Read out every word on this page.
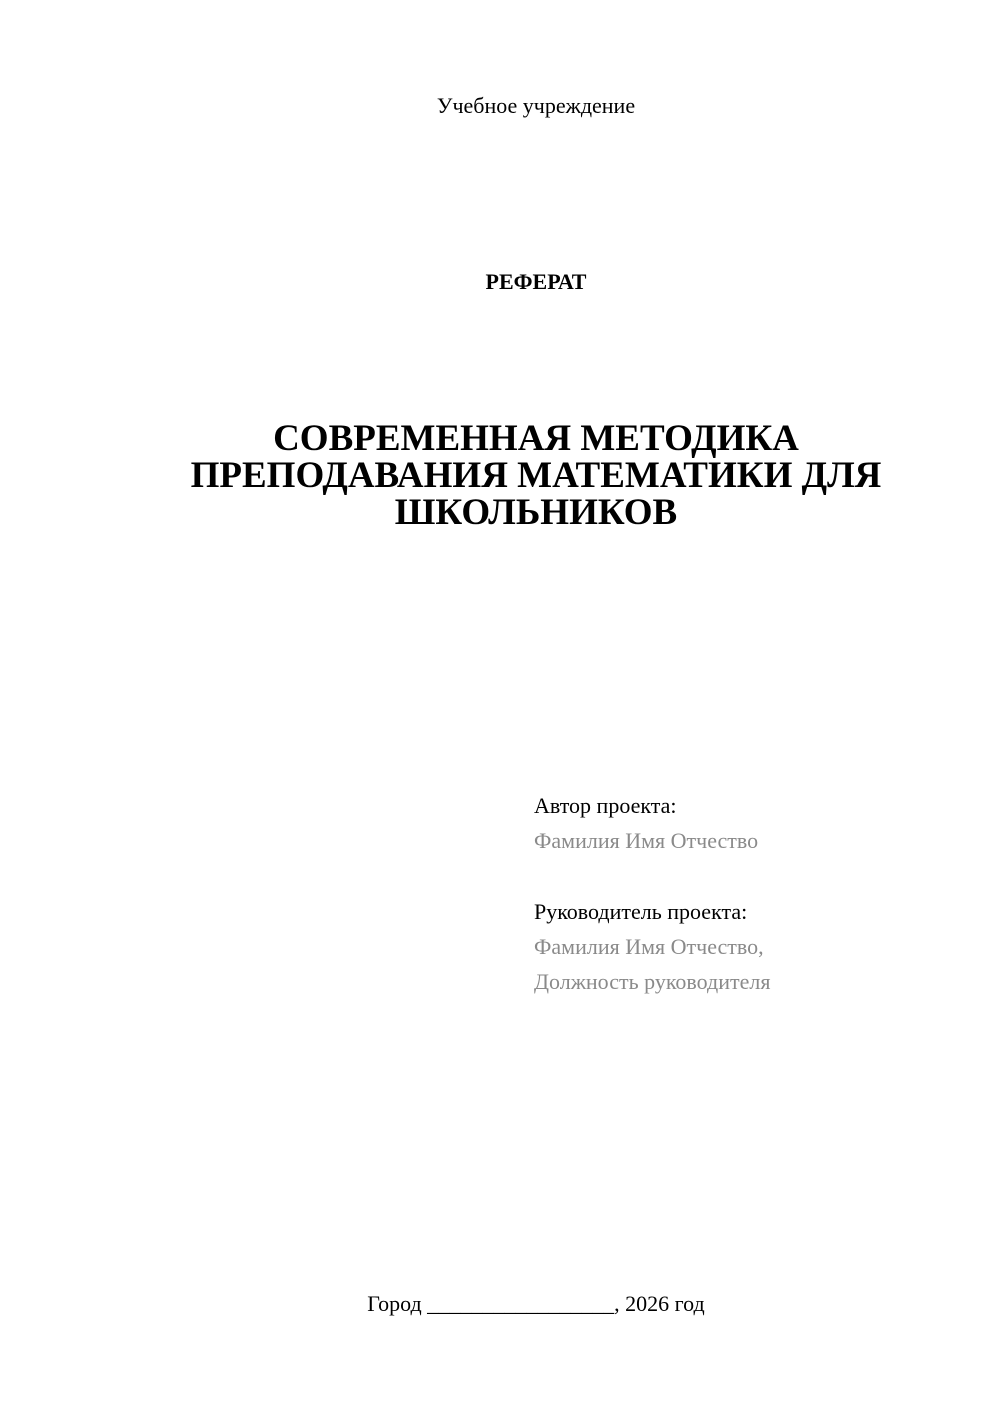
Учебное учреждение
РЕФЕРАТ
СОВРЕМЕННАЯ МЕТОДИКА
ПРЕПОДАВАНИЯ МАТЕМАТИКИ ДЛЯ
ШКОЛЬНИКОВ
Автор проекта:
Фамилия Имя Отчество
Руководитель проекта:
Фамилия Имя Отчество,
Должность руководителя
Город _________________, 2026 год
